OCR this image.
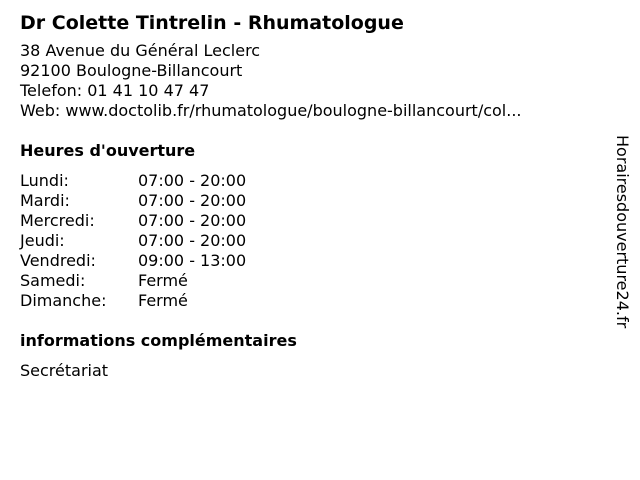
Dr Colette Tintrelin - Rhumatologue
38 Avenue du Général Leclerc
92100 Boulogne-Billancourt
Telefon: 01 41 10 47 47
Web: www.doctolib.fr/rhumatologue/boulogne-billancourt/col...
Heures d'ouverture
Lundi:	07:00 - 20:00
Mardi:	07:00 - 20:00
Mercredi:	07:00 - 20:00
Jeudi:	07:00 - 20:00
Vendredi:	09:00 - 13:00
Samedi:	Fermé
Dimanche:	Fermé
informations complémentaires
Secrétariat
Horairesdouverture24.fr
